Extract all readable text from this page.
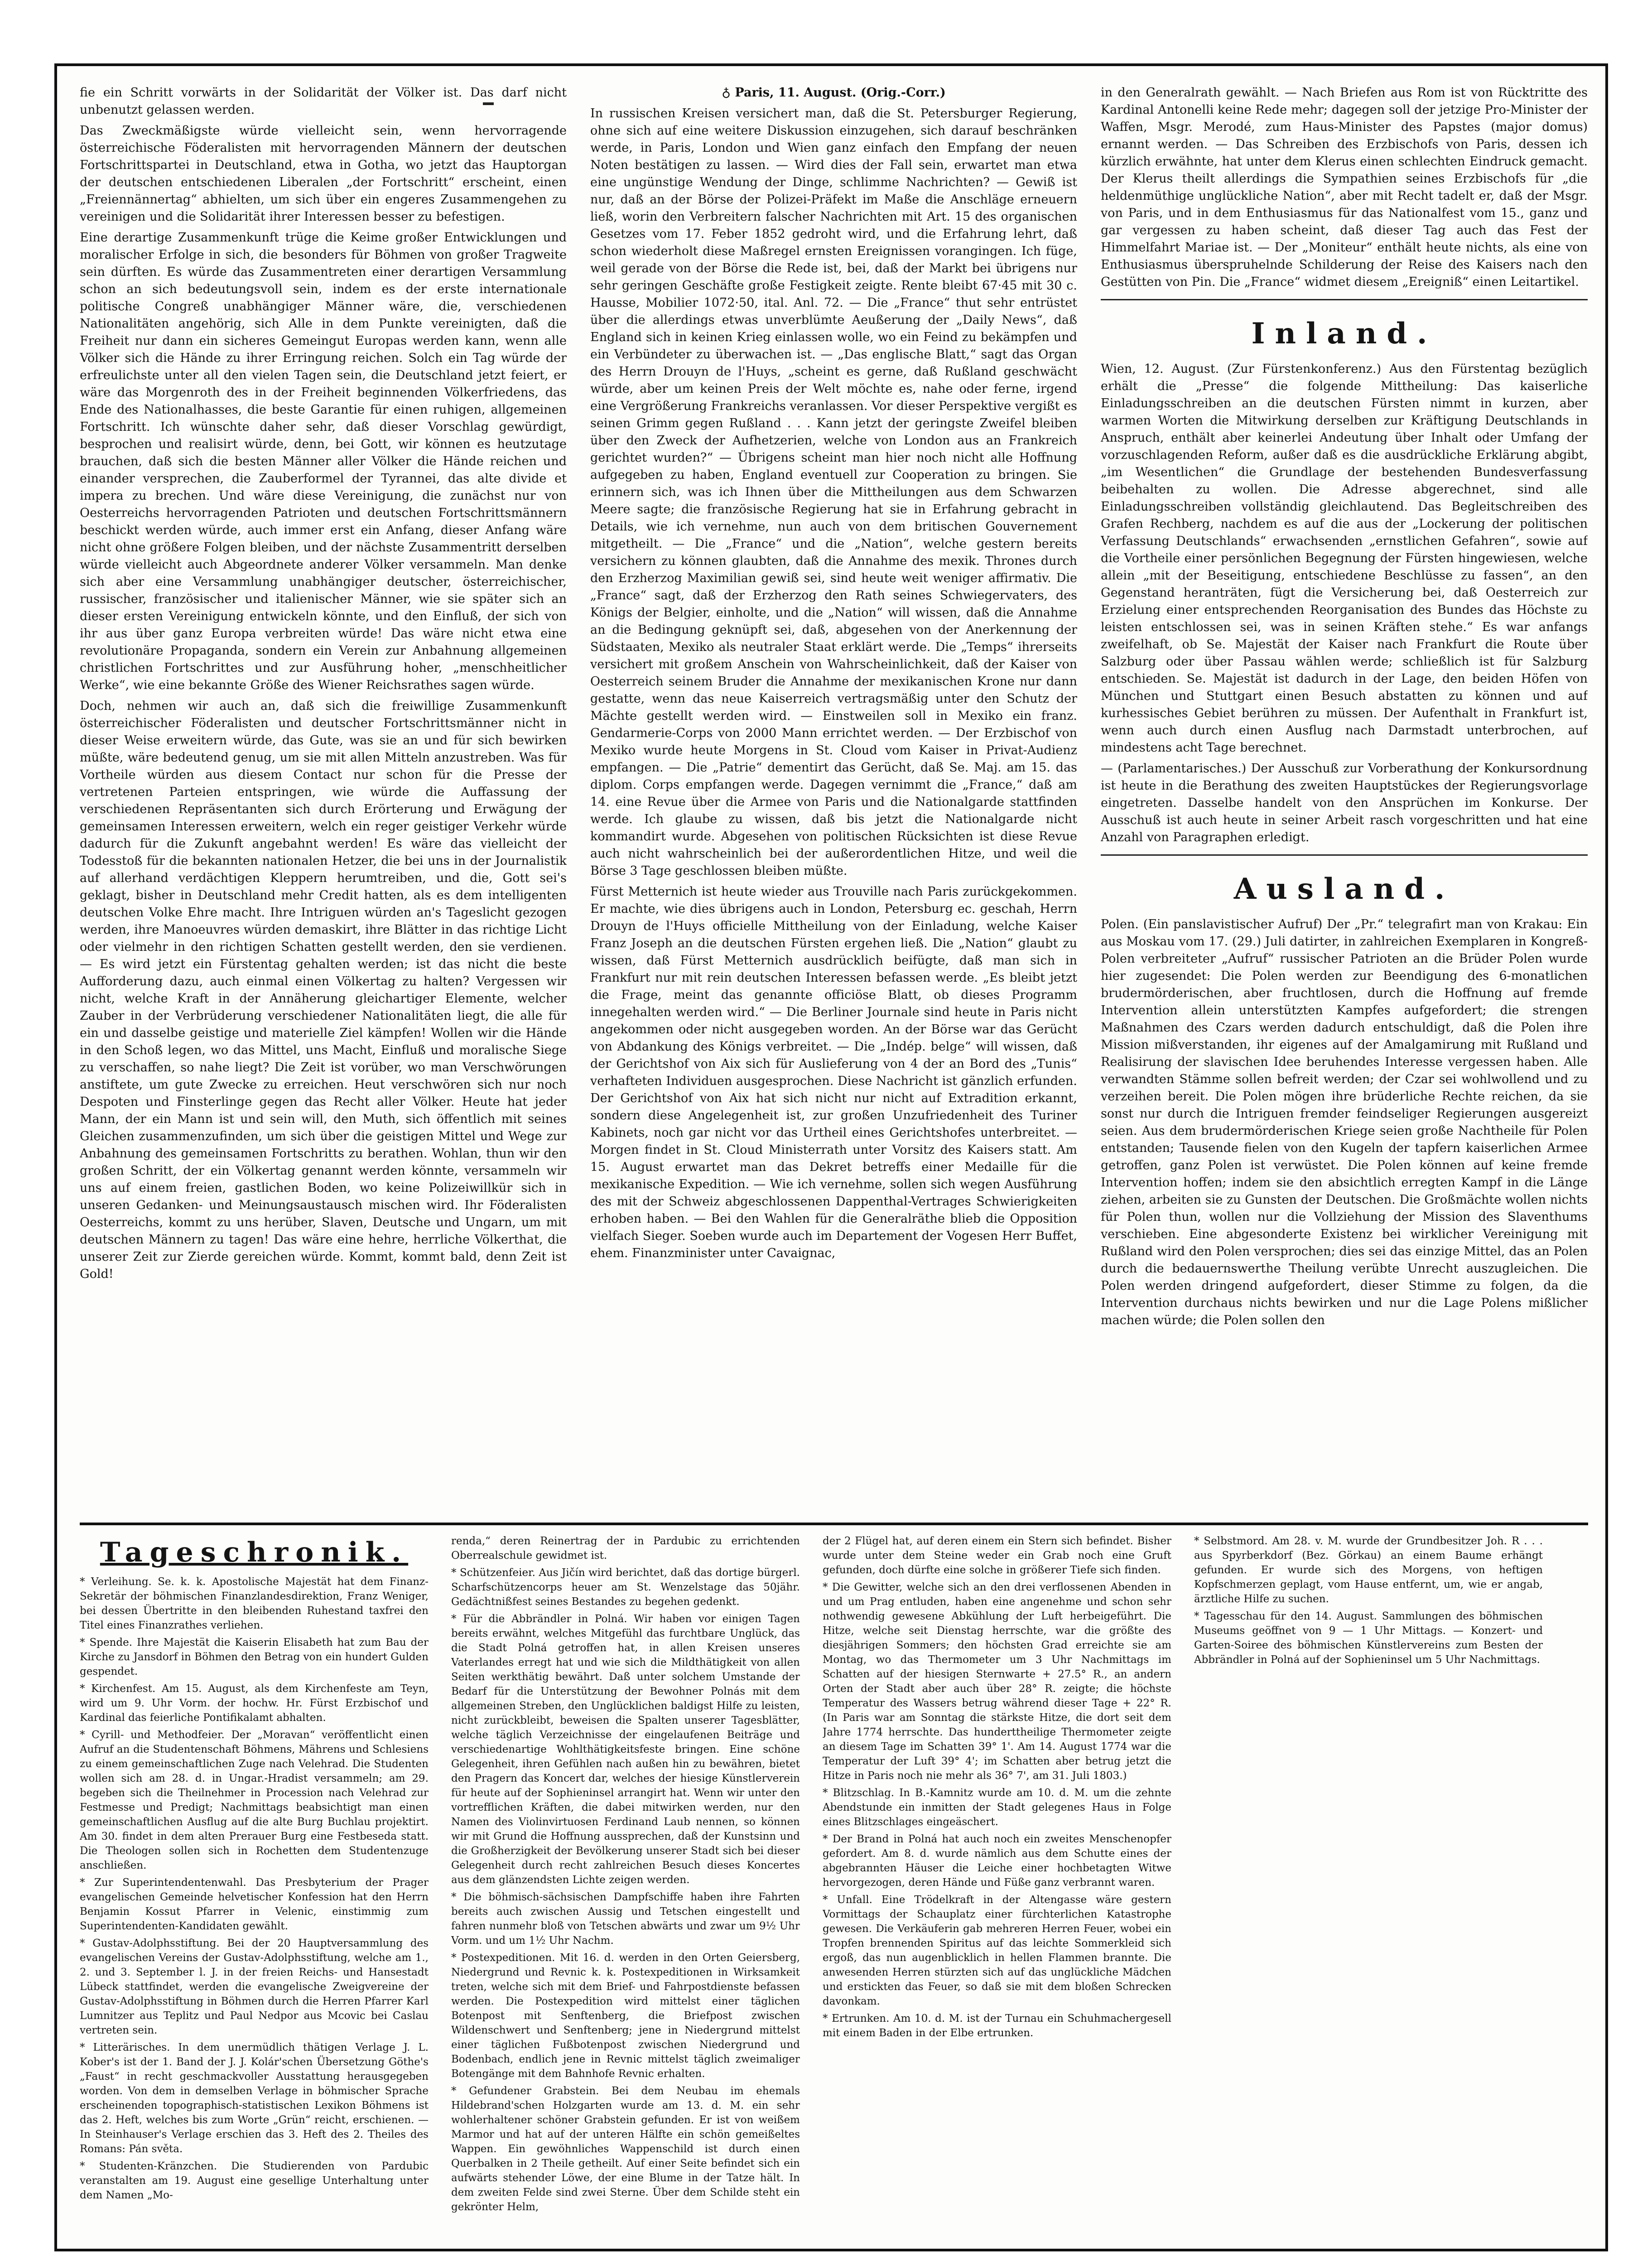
fie ein Schritt vorwärts in der Solidarität der Völker ist. Das darf nicht unbenutzt gelassen werden.

Das Zweckmäßigste würde vielleicht sein, wenn hervorragende österreichische Föderalisten mit hervorragenden Männern der deutschen Fortschrittspartei in Deutschland, etwa in Gotha, wo jetzt das Hauptorgan der deutschen entschiedenen Liberalen „der Fortschritt“ erscheint, einen „Freiennännertag“ abhielten, um sich über ein engeres Zusammengehen zu vereinigen und die Solidarität ihrer Interessen besser zu befestigen.

Eine derartige Zusammenkunft trüge die Keime großer Entwicklungen und moralischer Erfolge in sich, die besonders für Böhmen von großer Tragweite sein dürften. Es würde das Zusammentreten einer derartigen Versammlung schon an sich bedeutungsvoll sein, indem es der erste internationale politische Congreß unabhängiger Männer wäre, die, verschiedenen Nationalitäten angehörig, sich Alle in dem Punkte vereinigten, daß die Freiheit nur dann ein sicheres Gemeingut Europas werden kann, wenn alle Völker sich die Hände zu ihrer Erringung reichen. Solch ein Tag würde der erfreulichste unter all den vielen Tagen sein, die Deutschland jetzt feiert, er wäre das Morgenroth des in der Freiheit beginnenden Völkerfriedens, das Ende des Nationalhasses, die beste Garantie für einen ruhigen, allgemeinen Fortschritt. Ich wünschte daher sehr, daß dieser Vorschlag gewürdigt, besprochen und realisirt würde, denn, bei Gott, wir können es heutzutage brauchen, daß sich die besten Männer aller Völker die Hände reichen und einander versprechen, die Zauberformel der Tyrannei, das alte divide et impera zu brechen. Und wäre diese Vereinigung, die zunächst nur von Oesterreichs hervorragenden Patrioten und deutschen Fortschrittsmännern beschickt werden würde, auch immer erst ein Anfang, dieser Anfang wäre nicht ohne größere Folgen bleiben, und der nächste Zusammentritt derselben würde vielleicht auch Abgeordnete anderer Völker versammeln. Man denke sich aber eine Versammlung unabhängiger deutscher, österreichischer, russischer, französischer und italienischer Männer, wie sie später sich an dieser ersten Vereinigung entwickeln könnte, und den Einfluß, der sich von ihr aus über ganz Europa verbreiten würde! Das wäre nicht etwa eine revolutionäre Propaganda, sondern ein Verein zur Anbahnung allgemeinen christlichen Fortschrittes und zur Ausführung hoher, „menschheitlicher Werke“, wie eine bekannte Größe des Wiener Reichsrathes sagen würde.

Doch, nehmen wir auch an, daß sich die freiwillige Zusammenkunft österreichischer Föderalisten und deutscher Fortschrittsmänner nicht in dieser Weise erweitern würde, das Gute, was sie an und für sich bewirken müßte, wäre bedeutend genug, um sie mit allen Mitteln anzustreben. Was für Vortheile würden aus diesem Contact nur schon für die Presse der vertretenen Parteien entspringen, wie würde die Auffassung der verschiedenen Repräsentanten sich durch Erörterung und Erwägung der gemeinsamen Interessen erweitern, welch ein reger geistiger Verkehr würde dadurch für die Zukunft angebahnt werden! Es wäre das vielleicht der Todesstoß für die bekannten nationalen Hetzer, die bei uns in der Journalistik auf allerhand verdächtigen Kleppern herumtreiben, und die, Gott sei's geklagt, bisher in Deutschland mehr Credit hatten, als es dem intelligenten deutschen Volke Ehre macht. Ihre Intriguen würden an's Tageslicht gezogen werden, ihre Manoeuvres würden demaskirt, ihre Blätter in das richtige Licht oder vielmehr in den richtigen Schatten gestellt werden, den sie verdienen. — Es wird jetzt ein Fürstentag gehalten werden; ist das nicht die beste Aufforderung dazu, auch einmal einen Völkertag zu halten? Vergessen wir nicht, welche Kraft in der Annäherung gleichartiger Elemente, welcher Zauber in der Verbrüderung verschiedener Nationalitäten liegt, die alle für ein und dasselbe geistige und materielle Ziel kämpfen! Wollen wir die Hände in den Schoß legen, wo das Mittel, uns Macht, Einfluß und moralische Siege zu verschaffen, so nahe liegt? Die Zeit ist vorüber, wo man Verschwörungen anstiftete, um gute Zwecke zu erreichen. Heut verschwören sich nur noch Despoten und Finsterlinge gegen das Recht aller Völker. Heute hat jeder Mann, der ein Mann ist und sein will, den Muth, sich öffentlich mit seines Gleichen zusammenzufinden, um sich über die geistigen Mittel und Wege zur Anbahnung des gemeinsamen Fortschritts zu berathen. Wohlan, thun wir den großen Schritt, der ein Völkertag genannt werden könnte, versammeln wir uns auf einem freien, gastlichen Boden, wo keine Polizeiwillkür sich in unseren Gedanken- und Meinungsaustausch mischen wird. Ihr Föderalisten Oesterreichs, kommt zu uns herüber, Slaven, Deutsche und Ungarn, um mit deutschen Männern zu tagen! Das wäre eine hehre, herrliche Völkerthat, die unserer Zeit zur Zierde gereichen würde. Kommt, kommt bald, denn Zeit ist Gold!

♁ Paris, 11. August. (Orig.-Corr.)

In russischen Kreisen versichert man, daß die St. Petersburger Regierung, ohne sich auf eine weitere Diskussion einzugehen, sich darauf beschränken werde, in Paris, London und Wien ganz einfach den Empfang der neuen Noten bestätigen zu lassen. — Wird dies der Fall sein, erwartet man etwa eine ungünstige Wendung der Dinge, schlimme Nachrichten? — Gewiß ist nur, daß an der Börse der Polizei-Präfekt im Maße die Anschläge erneuern ließ, worin den Verbreitern falscher Nachrichten mit Art. 15 des organischen Gesetzes vom 17. Feber 1852 gedroht wird, und die Erfahrung lehrt, daß schon wiederholt diese Maßregel ernsten Ereignissen vorangingen. Ich füge, weil gerade von der Börse die Rede ist, bei, daß der Markt bei übrigens nur sehr geringen Geschäfte große Festigkeit zeigte. Rente bleibt 67·45 mit 30 c. Hausse, Mobilier 1072·50, ital. Anl. 72. — Die „France“ thut sehr entrüstet über die allerdings etwas unverblümte Aeußerung der „Daily News“, daß England sich in keinen Krieg einlassen wolle, wo ein Feind zu bekämpfen und ein Verbündeter zu überwachen ist. — „Das englische Blatt,“ sagt das Organ des Herrn Drouyn de l'Huys, „scheint es gerne, daß Rußland geschwächt würde, aber um keinen Preis der Welt möchte es, nahe oder ferne, irgend eine Vergrößerung Frankreichs veranlassen. Vor dieser Perspektive vergißt es seinen Grimm gegen Rußland . . . Kann jetzt der geringste Zweifel bleiben über den Zweck der Aufhetzerien, welche von London aus an Frankreich gerichtet wurden?“ — Übrigens scheint man hier noch nicht alle Hoffnung aufgegeben zu haben, England eventuell zur Cooperation zu bringen. Sie erinnern sich, was ich Ihnen über die Mittheilungen aus dem Schwarzen Meere sagte; die französische Regierung hat sie in Erfahrung gebracht in Details, wie ich vernehme, nun auch von dem britischen Gouvernement mitgetheilt. — Die „France“ und die „Nation“, welche gestern bereits versichern zu können glaubten, daß die Annahme des mexik. Thrones durch den Erzherzog Maximilian gewiß sei, sind heute weit weniger affirmativ. Die „France“ sagt, daß der Erzherzog den Rath seines Schwiegervaters, des Königs der Belgier, einholte, und die „Nation“ will wissen, daß die Annahme an die Bedingung geknüpft sei, daß, abgesehen von der Anerkennung der Südstaaten, Mexiko als neutraler Staat erklärt werde. Die „Temps“ ihrerseits versichert mit großem Anschein von Wahrscheinlichkeit, daß der Kaiser von Oesterreich seinem Bruder die Annahme der mexikanischen Krone nur dann gestatte, wenn das neue Kaiserreich vertragsmäßig unter den Schutz der Mächte gestellt werden wird. — Einstweilen soll in Mexiko ein franz. Gendarmerie-Corps von 2000 Mann errichtet werden. — Der Erzbischof von Mexiko wurde heute Morgens in St. Cloud vom Kaiser in Privat-Audienz empfangen. — Die „Patrie“ dementirt das Gerücht, daß Se. Maj. am 15. das diplom. Corps empfangen werde. Dagegen vernimmt die „France,“ daß am 14. eine Revue über die Armee von Paris und die Nationalgarde stattfinden werde. Ich glaube zu wissen, daß bis jetzt die Nationalgarde nicht kommandirt wurde. Abgesehen von politischen Rücksichten ist diese Revue auch nicht wahrscheinlich bei der außerordentlichen Hitze, und weil die Börse 3 Tage geschlossen bleiben müßte.

Fürst Metternich ist heute wieder aus Trouville nach Paris zurückgekommen. Er machte, wie dies übrigens auch in London, Petersburg ec. geschah, Herrn Drouyn de l'Huys officielle Mittheilung von der Einladung, welche Kaiser Franz Joseph an die deutschen Fürsten ergehen ließ. Die „Nation“ glaubt zu wissen, daß Fürst Metternich ausdrücklich beifügte, daß man sich in Frankfurt nur mit rein deutschen Interessen befassen werde. „Es bleibt jetzt die Frage, meint das genannte officiöse Blatt, ob dieses Programm innegehalten werden wird.“ — Die Berliner Journale sind heute in Paris nicht angekommen oder nicht ausgegeben worden. An der Börse war das Gerücht von Abdankung des Königs verbreitet. — Die „Indép. belge“ will wissen, daß der Gerichtshof von Aix sich für Auslieferung von 4 der an Bord des „Tunis“ verhafteten Individuen ausgesprochen. Diese Nachricht ist gänzlich erfunden. Der Gerichtshof von Aix hat sich nicht nur nicht auf Extradition erkannt, sondern diese Angelegenheit ist, zur großen Unzufriedenheit des Turiner Kabinets, noch gar nicht vor das Urtheil eines Gerichtshofes unterbreitet. — Morgen findet in St. Cloud Ministerrath unter Vorsitz des Kaisers statt. Am 15. August erwartet man das Dekret betreffs einer Medaille für die mexikanische Expedition. — Wie ich vernehme, sollen sich wegen Ausführung des mit der Schweiz abgeschlossenen Dappenthal-Vertrages Schwierigkeiten erhoben haben. — Bei den Wahlen für die Generalräthe blieb die Opposition vielfach Sieger. Soeben wurde auch im Departement der Vogesen Herr Buffet, ehem. Finanzminister unter Cavaignac,

in den Generalrath gewählt. — Nach Briefen aus Rom ist von Rücktritte des Kardinal Antonelli keine Rede mehr; dagegen soll der jetzige Pro-Minister der Waffen, Msgr. Merodé, zum Haus-Minister des Papstes (major domus) ernannt werden. — Das Schreiben des Erzbischofs von Paris, dessen ich kürzlich erwähnte, hat unter dem Klerus einen schlechten Eindruck gemacht. Der Klerus theilt allerdings die Sympathien seines Erzbischofs für „die heldenmüthige unglückliche Nation“, aber mit Recht tadelt er, daß der Msgr. von Paris, und in dem Enthusiasmus für das Nationalfest vom 15., ganz und gar vergessen zu haben scheint, daß dieser Tag auch das Fest der Himmelfahrt Mariae ist. — Der „Moniteur“ enthält heute nichts, als eine von Enthusiasmus überspruhelnde Schilderung der Reise des Kaisers nach den Gestütten von Pin. Die „France“ widmet diesem „Ereigniß“ einen Leitartikel.

Inland.

Wien, 12. August. (Zur Fürstenkonferenz.) Aus den Fürstentag bezüglich erhält die „Presse“ die folgende Mittheilung: Das kaiserliche Einladungsschreiben an die deutschen Fürsten nimmt in kurzen, aber warmen Worten die Mitwirkung derselben zur Kräftigung Deutschlands in Anspruch, enthält aber keinerlei Andeutung über Inhalt oder Umfang der vorzuschlagenden Reform, außer daß es die ausdrückliche Erklärung abgibt, „im Wesentlichen“ die Grundlage der bestehenden Bundesverfassung beibehalten zu wollen. Die Adresse abgerechnet, sind alle Einladungsschreiben vollständig gleichlautend. Das Begleitschreiben des Grafen Rechberg, nachdem es auf die aus der „Lockerung der politischen Verfassung Deutschlands“ erwachsenden „ernstlichen Gefahren“, sowie auf die Vortheile einer persönlichen Begegnung der Fürsten hingewiesen, welche allein „mit der Beseitigung, entschiedene Beschlüsse zu fassen“, an den Gegenstand heranträten, fügt die Versicherung bei, daß Oesterreich zur Erzielung einer entsprechenden Reorganisation des Bundes das Höchste zu leisten entschlossen sei, was in seinen Kräften stehe.“ Es war anfangs zweifelhaft, ob Se. Majestät der Kaiser nach Frankfurt die Route über Salzburg oder über Passau wählen werde; schließlich ist für Salzburg entschieden. Se. Majestät ist dadurch in der Lage, den beiden Höfen von München und Stuttgart einen Besuch abstatten zu können und auf kurhessisches Gebiet berühren zu müssen. Der Aufenthalt in Frankfurt ist, wenn auch durch einen Ausflug nach Darmstadt unterbrochen, auf mindestens acht Tage berechnet.

— (Parlamentarisches.) Der Ausschuß zur Vorberathung der Konkursordnung ist heute in die Berathung des zweiten Hauptstückes der Regierungsvorlage eingetreten. Dasselbe handelt von den Ansprüchen im Konkurse. Der Ausschuß ist auch heute in seiner Arbeit rasch vorgeschritten und hat eine Anzahl von Paragraphen erledigt.

Ausland.

Polen. (Ein panslavistischer Aufruf) Der „Pr.“ telegrafirt man von Krakau: Ein aus Moskau vom 17. (29.) Juli datirter, in zahlreichen Exemplaren in Kongreß-Polen verbreiteter „Aufruf“ russischer Patrioten an die Brüder Polen wurde hier zugesendet: Die Polen werden zur Beendigung des 6-monatlichen brudermörderischen, aber fruchtlosen, durch die Hoffnung auf fremde Intervention allein unterstützten Kampfes aufgefordert; die strengen Maßnahmen des Czars werden dadurch entschuldigt, daß die Polen ihre Mission mißverstanden, ihr eigenes auf der Amalgamirung mit Rußland und Realisirung der slavischen Idee beruhendes Interesse vergessen haben. Alle verwandten Stämme sollen befreit werden; der Czar sei wohlwollend und zu verzeihen bereit. Die Polen mögen ihre brüderliche Rechte reichen, da sie sonst nur durch die Intriguen fremder feindseliger Regierungen ausgereizt seien. Aus dem brudermörderischen Kriege seien große Nachtheile für Polen entstanden; Tausende fielen von den Kugeln der tapfern kaiserlichen Armee getroffen, ganz Polen ist verwüstet. Die Polen können auf keine fremde Intervention hoffen; indem sie den absichtlich erregten Kampf in die Länge ziehen, arbeiten sie zu Gunsten der Deutschen. Die Großmächte wollen nichts für Polen thun, wollen nur die Vollziehung der Mission des Slaventhums verschieben. Eine abgesonderte Existenz bei wirklicher Vereinigung mit Rußland wird den Polen versprochen; dies sei das einzige Mittel, das an Polen durch die bedauernswerthe Theilung verübte Unrecht auszugleichen. Die Polen werden dringend aufgefordert, dieser Stimme zu folgen, da die Intervention durchaus nichts bewirken und nur die Lage Polens mißlicher machen würde; die Polen sollen den

Tageschronik.

* Verleihung. Se. k. k. Apostolische Majestät hat dem Finanz-Sekretär der böhmischen Finanzlandesdirektion, Franz Weniger, bei dessen Übertritte in den bleibenden Ruhestand taxfrei den Titel eines Finanzrathes verliehen.

* Spende. Ihre Majestät die Kaiserin Elisabeth hat zum Bau der Kirche zu Jansdorf in Böhmen den Betrag von ein hundert Gulden gespendet.

* Kirchenfest. Am 15. August, als dem Kirchenfeste am Teyn, wird um 9. Uhr Vorm. der hochw. Hr. Fürst Erzbischof und Kardinal das feierliche Pontifikalamt abhalten.

* Cyrill- und Methodfeier. Der „Moravan“ veröffentlicht einen Aufruf an die Studentenschaft Böhmens, Mährens und Schlesiens zu einem gemeinschaftlichen Zuge nach Velehrad. Die Studenten wollen sich am 28. d. in Ungar.-Hradist versammeln; am 29. begeben sich die Theilnehmer in Procession nach Velehrad zur Festmesse und Predigt; Nachmittags beabsichtigt man einen gemeinschaftlichen Ausflug auf die alte Burg Buchlau projektirt. Am 30. findet in dem alten Prerauer Burg eine Festbesedа statt. Die Theologen sollen sich in Rochetten dem Studentenzuge anschließen.

* Zur Superintendentenwahl. Das Presbyterium der Prager evangelischen Gemeinde helvetischer Konfession hat den Herrn Benjamin Kossut Pfarrer in Velenic, einstimmig zum Superintendenten-Kandidaten gewählt.

* Gustav-Adolphsstiftung. Bei der 20 Hauptversammlung des evangelischen Vereins der Gustav-Adolphsstiftung, welche am 1., 2. und 3. September l. J. in der freien Reichs- und Hansestadt Lübeck stattfindet, werden die evangelische Zweigvereine der Gustav-Adolphsstiftung in Böhmen durch die Herren Pfarrer Karl Lumnitzer aus Teplitz und Paul Nedpor aus Mcovic bei Caslau vertreten sein.

* Litterärisches. In dem unermüdlich thätigen Verlage J. L. Kober's ist der 1. Band der J. J. Kolár'schen Übersetzung Göthe's „Faust“ in recht geschmackvoller Ausstattung herausgegeben worden. Von dem in demselben Verlage in böhmischer Sprache erscheinenden topographisch-statistischen Lexikon Böhmens ist das 2. Heft, welches bis zum Worte „Grün“ reicht, erschienen. — In Steinhauser's Verlage erschien das 3. Heft des 2. Theiles des Romans: Pán světa.

* Studenten-Kränzchen. Die Studierenden von Pardubic veranstalten am 19. August eine gesellige Unterhaltung unter dem Namen „Mo-

renda,“ deren Reinertrag der in Pardubic zu errichtenden Oberrealschule gewidmet ist.

* Schützenfeier. Aus Jičín wird berichtet, daß das dortige bürgerl. Scharfschützencorps heuer am St. Wenzelstage das 50jähr. Gedächtnißfest seines Bestandes zu begehen gedenkt.

* Für die Abbrändler in Polná. Wir haben vor einigen Tagen bereits erwähnt, welches Mitgefühl das furchtbare Unglück, das die Stadt Polná getroffen hat, in allen Kreisen unseres Vaterlandes erregt hat und wie sich die Mildthätigkeit von allen Seiten werkthätig bewährt. Daß unter solchem Umstande der Bedarf für die Unterstützung der Bewohner Polnás mit dem allgemeinen Streben, den Unglücklichen baldigst Hilfe zu leisten, nicht zurückbleibt, beweisen die Spalten unserer Tagesblätter, welche täglich Verzeichnisse der eingelaufenen Beiträge und verschiedenartige Wohlthätigkeitsfeste bringen. Eine schöne Gelegenheit, ihren Gefühlen nach außen hin zu bewähren, bietet den Pragern das Koncert dar, welches der hiesige Künstlerverein für heute auf der Sophieninsel arrangirt hat. Wenn wir unter den vortrefflichen Kräften, die dabei mitwirken werden, nur den Namen des Violinvirtuosen Ferdinand Laub nennen, so können wir mit Grund die Hoffnung aussprechen, daß der Kunstsinn und die Großherzigkeit der Bevölkerung unserer Stadt sich bei dieser Gelegenheit durch recht zahlreichen Besuch dieses Koncertes aus dem glänzendsten Lichte zeigen werden.

* Die böhmisch-sächsischen Dampfschiffe haben ihre Fahrten bereits auch zwischen Aussig und Tetschen eingestellt und fahren nunmehr bloß von Tetschen abwärts und zwar um 9½ Uhr Vorm. und um 1½ Uhr Nachm.

* Postexpeditionen. Mit 16. d. werden in den Orten Geiersberg, Niedergrund und Revnic k. k. Postexpeditionen in Wirksamkeit treten, welche sich mit dem Brief- und Fahrpostdienste befassen werden. Die Postexpedition wird mittelst einer täglichen Botenpost mit Senftenberg, die Briefpost zwischen Wildenschwert und Senftenberg; jene in Niedergrund mittelst einer täglichen Fußbotenpost zwischen Niedergrund und Bodenbach, endlich jene in Revnic mittelst täglich zweimaliger Botengänge mit dem Bahnhofe Revnic erhalten.

* Gefundener Grabstein. Bei dem Neubau im ehemals Hildebrand'schen Holzgarten wurde am 13. d. M. ein sehr wohlerhaltener schöner Grabstein gefunden. Er ist von weißem Marmor und hat auf der unteren Hälfte ein schön gemeißeltes Wappen. Ein gewöhnliches Wappenschild ist durch einen Querbalken in 2 Theile getheilt. Auf einer Seite befindet sich ein aufwärts stehender Löwe, der eine Blume in der Tatze hält. In dem zweiten Felde sind zwei Sterne. Über dem Schilde steht ein gekrönter Helm,

der 2 Flügel hat, auf deren einem ein Stern sich befindet. Bisher wurde unter dem Steine weder ein Grab noch eine Gruft gefunden, doch dürfte eine solche in größerer Tiefe sich finden.

* Die Gewitter, welche sich an den drei verflossenen Abenden in und um Prag entluden, haben eine angenehme und schon sehr nothwendig gewesene Abkühlung der Luft herbeigeführt. Die Hitze, welche seit Dienstag herrschte, war die größte des diesjährigen Sommers; den höchsten Grad erreichte sie am Montag, wo das Thermometer um 3 Uhr Nachmittags im Schatten auf der hiesigen Sternwarte + 27.5° R., an andern Orten der Stadt aber auch über 28° R. zeigte; die höchste Temperatur des Wassers betrug während dieser Tage + 22° R. (In Paris war am Sonntag die stärkste Hitze, die dort seit dem Jahre 1774 herrschte. Das hunderttheilige Thermometer zeigte an diesem Tage im Schatten 39° 1'. Am 14. August 1774 war die Temperatur der Luft 39° 4'; im Schatten aber betrug jetzt die Hitze in Paris noch nie mehr als 36° 7', am 31. Juli 1803.)

* Blitzschlag. In B.-Kamnitz wurde am 10. d. M. um die zehnte Abendstunde ein inmitten der Stadt gelegenes Haus in Folge eines Blitzschlages eingeäschert.

* Der Brand in Polná hat auch noch ein zweites Menschenopfer gefordert. Am 8. d. wurde nämlich aus dem Schutte eines der abgebrannten Häuser die Leiche einer hochbetagten Witwe hervorgezogen, deren Hände und Füße ganz verbrannt waren.

* Unfall. Eine Trödelkraft in der Altengasse wäre gestern Vormittags der Schauplatz einer fürchterlichen Katastrophe gewesen. Die Verkäuferin gab mehreren Herren Feuer, wobei ein Tropfen brennenden Spiritus auf das leichte Sommerkleid sich ergoß, das nun augenblicklich in hellen Flammen brannte. Die anwesenden Herren stürzten sich auf das unglückliche Mädchen und erstickten das Feuer, so daß sie mit dem bloßen Schrecken davonkam.

* Ertrunken. Am 10. d. M. ist der Turnau ein Schuhmachergesell mit einem Baden in der Elbe ertrunken.

* Selbstmord. Am 28. v. M. wurde der Grundbesitzer Joh. R . . . aus Spyrberkdorf (Bez. Görkau) an einem Baume erhängt gefunden. Er wurde sich des Morgens, von heftigen Kopfschmerzen geplagt, vom Hause entfernt, um, wie er angab, ärztliche Hilfe zu suchen.

* Tagesschau für den 14. August. Sammlungen des böhmischen Museums geöffnet von 9 — 1 Uhr Mittags. — Konzert- und Garten-Soiree des böhmischen Künstlervereins zum Besten der Abbrändler in Polná auf der Sophieninsel um 5 Uhr Nachmittags.
